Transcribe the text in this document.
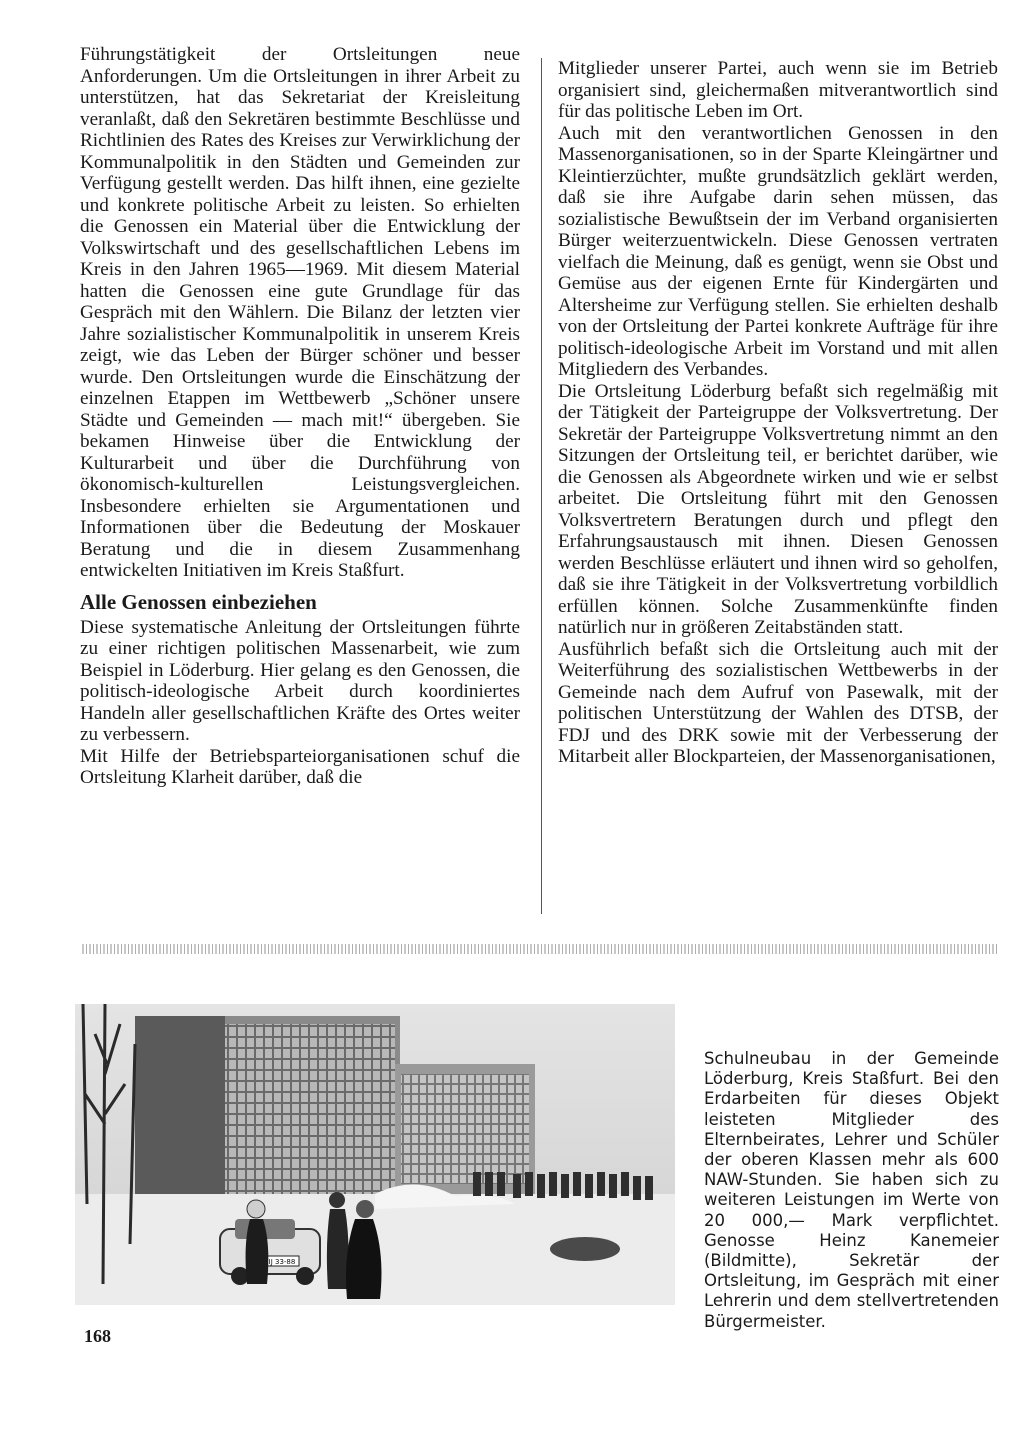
Führungstätigkeit der Ortsleitungen neue Anforderungen. Um die Ortsleitungen in ihrer Arbeit zu unterstützen, hat das Sekretariat der Kreisleitung veranlaßt, daß den Sekretären bestimmte Beschlüsse und Richtlinien des Rates des Kreises zur Verwirklichung der Kommunalpolitik in den Städten und Gemeinden zur Verfügung gestellt werden. Das hilft ihnen, eine gezielte und konkrete politische Arbeit zu leisten. So erhielten die Genossen ein Material über die Entwicklung der Volkswirtschaft und des gesellschaftlichen Lebens im Kreis in den Jahren 1965—1969. Mit diesem Material hatten die Genossen eine gute Grundlage für das Gespräch mit den Wählern. Die Bilanz der letzten vier Jahre sozialistischer Kommunalpolitik in unserem Kreis zeigt, wie das Leben der Bürger schöner und besser wurde. Den Ortsleitungen wurde die Einschätzung der einzelnen Etappen im Wettbewerb „Schöner unsere Städte und Gemeinden — mach mit!“ übergeben. Sie bekamen Hinweise über die Entwicklung der Kulturarbeit und über die Durchführung von ökonomisch-kulturellen Leistungsvergleichen. Insbesondere erhielten sie Argumentationen und Informationen über die Bedeutung der Moskauer Beratung und die in diesem Zusammenhang entwickelten Initiativen im Kreis Staßfurt.

Alle Genossen einbeziehen

Diese systematische Anleitung der Ortsleitungen führte zu einer richtigen politischen Massenarbeit, wie zum Beispiel in Löderburg. Hier gelang es den Genossen, die politisch-ideologische Arbeit durch koordiniertes Handeln aller gesellschaftlichen Kräfte des Ortes weiter zu verbessern.

Mit Hilfe der Betriebsparteiorganisationen schuf die Ortsleitung Klarheit darüber, daß die

Mitglieder unserer Partei, auch wenn sie im Betrieb organisiert sind, gleichermaßen mitverantwortlich sind für das politische Leben im Ort.

Auch mit den verantwortlichen Genossen in den Massenorganisationen, so in der Sparte Kleingärtner und Kleintierzüchter, mußte grundsätzlich geklärt werden, daß sie ihre Aufgabe darin sehen müssen, das sozialistische Bewußtsein der im Verband organisierten Bürger weiterzuentwickeln. Diese Genossen vertraten vielfach die Meinung, daß es genügt, wenn sie Obst und Gemüse aus der eigenen Ernte für Kindergärten und Altersheime zur Verfügung stellen. Sie erhielten deshalb von der Ortsleitung der Partei konkrete Aufträge für ihre politisch-ideologische Arbeit im Vorstand und mit allen Mitgliedern des Verbandes.

Die Ortsleitung Löderburg befaßt sich regelmäßig mit der Tätigkeit der Parteigruppe der Volksvertretung. Der Sekretär der Parteigruppe Volksvertretung nimmt an den Sitzungen der Ortsleitung teil, er berichtet darüber, wie die Genossen als Abgeordnete wirken und wie er selbst arbeitet. Die Ortsleitung führt mit den Genossen Volksvertretern Beratungen durch und pflegt den Erfahrungsaustausch mit ihnen. Diesen Genossen werden Beschlüsse erläutert und ihnen wird so geholfen, daß sie ihre Tätigkeit in der Volksvertretung vorbildlich erfüllen können. Solche Zusammenkünfte finden natürlich nur in größeren Zeitabständen statt.

Ausführlich befaßt sich die Ortsleitung auch mit der Weiterführung des sozialistischen Wettbewerbs in der Gemeinde nach dem Aufruf von Pasewalk, mit der politischen Unterstützung der Wahlen des DTSB, der FDJ und des DRK sowie mit der Verbesserung der Mitarbeit aller Blockparteien, der Massenorganisationen,

IJ 33-88
Schulneubau in der Gemeinde Löderburg, Kreis Staßfurt. Bei den Erdarbeiten für dieses Objekt leisteten Mitglieder des Elternbeirates, Lehrer und Schüler der oberen Klassen mehr als 600 NAW-Stunden. Sie haben sich zu weiteren Leistungen im Werte von 20 000,— Mark verpflichtet. Genosse Heinz Kanemeier (Bildmitte), Sekretär der Ortsleitung, im Gespräch mit einer Lehrerin und dem stellvertretenden Bürgermeister.
168
